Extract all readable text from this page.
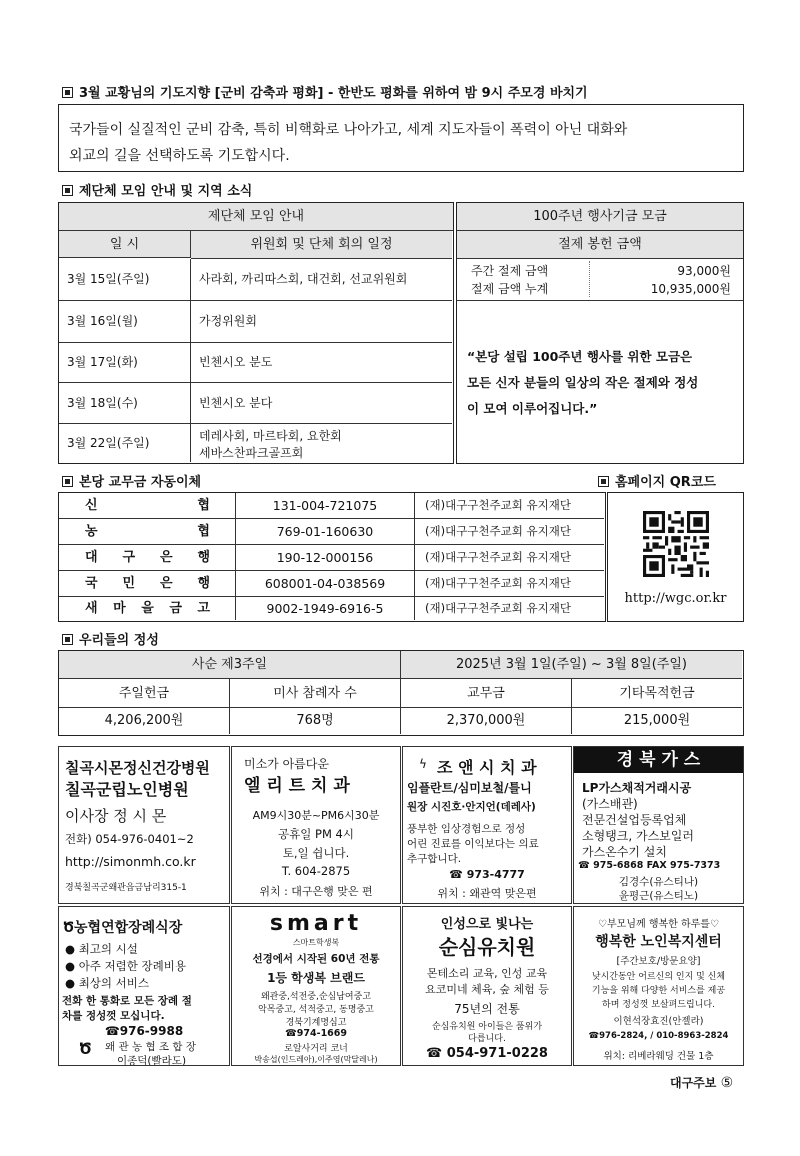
3월 교황님의 기도지향 [군비 감축과 평화] - 한반도 평화를 위하여 밤 9시 주모경 바치기
국가들이 실질적인 군비 감축, 특히 비핵화로 나아가고, 세계 지도자들이 폭력이 아닌 대화와
외교의 길을 선택하도록 기도합시다.
제단체 모임 안내 및 지역 소식
제단체 모임 안내
일 시	위원회 및 단체 회의 일정
3월 15일(주일)	사라회, 까리따스회, 대건회, 선교위원회
3월 16일(월)	가정위원회
3월 17일(화)	빈첸시오 분도
3월 18일(수)	빈첸시오 분다
3월 22일(주일)	데레사회, 마르타회, 요한회
세바스찬파크골프회
100주년 행사기금 모금
절제 봉헌 금액
주간 절제 금액	93,000원
절제 금액 누계	10,935,000원
“본당 설립 100주년 행사를 위한 모금은
모든 신자 분들의 일상의 작은 절제와 정성
이 모여 이루어집니다.”
본당 교무금 자동이체	홈페이지 QR코드
신 협	131-004-721075	(재)대구구천주교회 유지재단
농 협	769-01-160630	(재)대구구천주교회 유지재단
대 구 은 행	190-12-000156	(재)대구구천주교회 유지재단
국 민 은 행	608001-04-038569	(재)대구구천주교회 유지재단
새 마 을 금 고	9002-1949-6916-5	(재)대구구천주교회 유지재단
http://wgc.or.kr
우리들의 정성
사순 제3주일	2025년 3월 1일(주일) ~ 3월 8일(주일)
주일헌금	미사 참례자 수	교무금	기타목적헌금
4,206,200원	768명	2,370,000원	215,000원
칠곡시몬정신건강병원
칠곡군립노인병원
이사장 정 시 몬
전화) 054-976-0401~2
http://simonmh.co.kr
경북칠곡군왜관읍금남리315-1
미소가 아름다운
엘 리 트 치 과
AM9시30분~PM6시30분
공휴일 PM 4시
토,일 쉽니다.
T. 604-2875
위치 : 대구은행 맞은 편
ϟ 조 앤 시 치 과
임플란트/심미보철/틀니
원장 시진호·안지언(데레사)
풍부한 임상경험으로 정성
어린 진료를 이익보다는 의료
추구합니다.
☎ 973-4777
위치 : 왜관역 맞은편
경 북 가 스
LP가스채적거래시공
(가스배관)
전문건설업등록업체
소형탱크, 가스보일러
가스온수기 설치
☎ 975-6868 FAX 975-7373
김경수(유스티나)
윤평근(유스티노)
Ծ농협연합장례식장
● 최고의 시설
● 아주 저렴한 장례비용
● 최상의 서비스
전화 한 통화로 모든 장례 절
차를 정성껏 모십니다.
☎976-9988
Ծ 왜 관 농 협 조 합 장
이종덕(빨라도)
smart
스마트학생복
선경에서 시작된 60년 전통
1등 학생복 브랜드
왜관중,석전중,순심남여중고
악목중고, 석적중고, 동명중고
경북기계명심고
☎974-1669
로알사거리 코너
박송섭(인드레아),이주영(막달레나)
인성으로 빛나는
순심유치원
몬테소리 교육, 인성 교육
요코미네 체육, 숲 체험 등
75년의 전통
순심유치원 아이들은 품위가
다릅니다.
☎ 054-971-0228
♡부모님께 행복한 하루를♡
행복한 노인복지센터
[주간보호/방문요양]
낮시간동안 어르신의 인지 및 신체
기능을 위해 다양한 서비스를 제공
하며 정성껏 보살펴드립니다.
이현석장효진(안젤라)
☎976-2824, / 010-8963-2824
위치: 리베라웨딩 건물 1층
대구주보 ⑤
